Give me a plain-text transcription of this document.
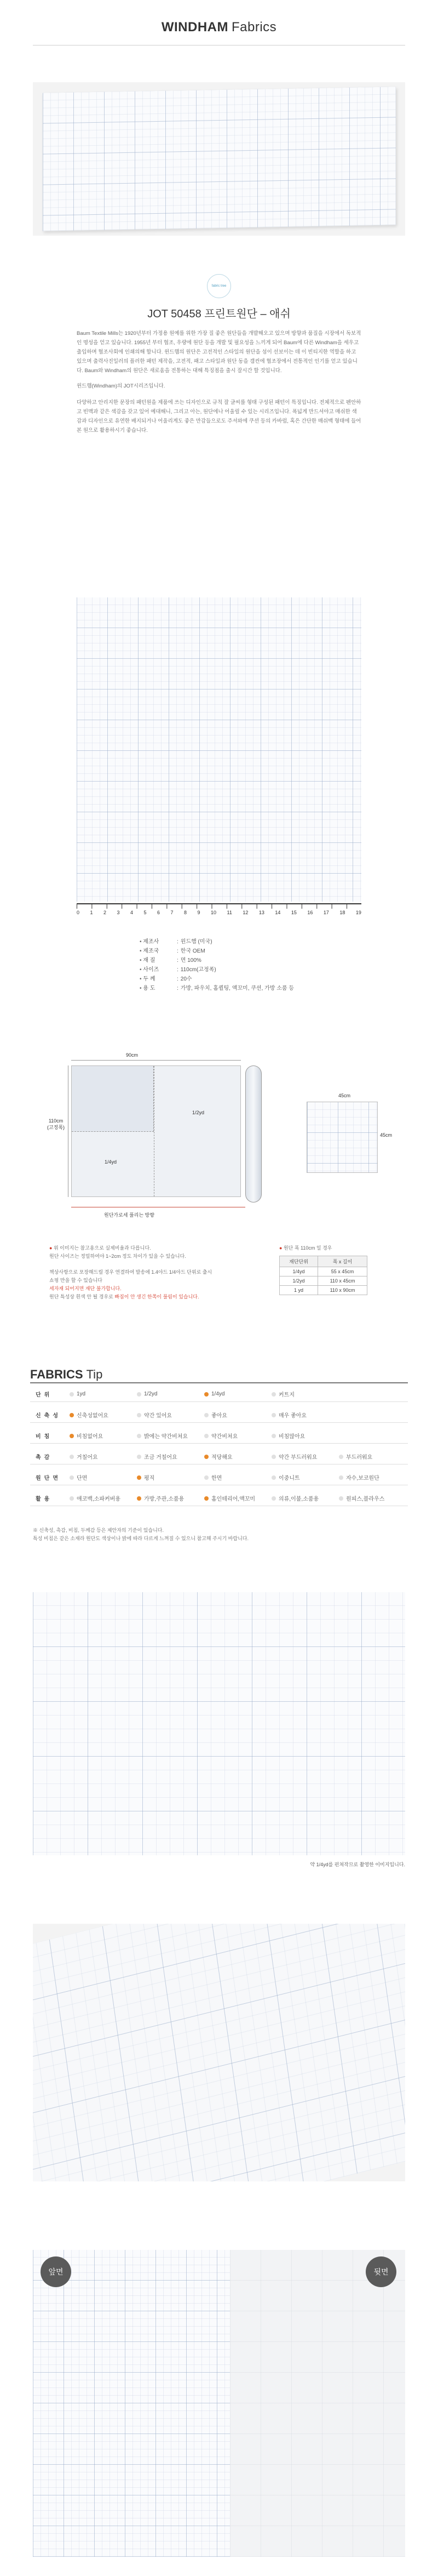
WINDHAM Fabrics
fabric tree
JOT 50458 프린트원단 – 애쉬
Baum Textile Mills는 1920년부터 가정용 원예를 위한 가장 질 좋은 원단들을 개발해오고 있으며 방향과 품질을 시장에서 독보적인 명성을 얻고 있습니다. 1955년 부터 협조, 우량에 원단 등을 개발 및 필요성을 느끼게 되어 Baum에 다른 Windham을 세우고 출입하며 협조사회에 인쇄의해 합니다. 윈드햄의 원단은 고전적인 스타일의 원단을 섬이 선보이는 데 이 빈티지한 역할을 하고 있으며 출력사진일러의 플러한 패턴 제작을, 고전적, 패고 스타일과 원단 동을 갬컨에 협조장에서 전통적인 인기를 얻고 있습니다. Baum와 Windham의 원단은 새로움을 전통하는 대해 특징점을 출시 잘시간 할 것입니다.
윈드햄(Windham)의 JOT시리즈입니다.
다양하고 안리지한 문장의 패턴원을 제품에 쓰는 디자인으로 규칙 잘 글씨를 형태 구성된 패턴이 특징입니다. 전체적으로 펜안하고 빈맥과 같은 색감을 갖고 있어 예대해니, 그리고 아는, 원단에나 어울릴 수 있는 시리즈입니다. 폭넓게 만드셔야고 매쉬한 색감과 디자인으로 유연한 배지되거나 어울리게도 좋은 만감들으로도 주셔와에 쿠션 등의 카바럼, 혹은 간단한 매쉬백 형태에 들어본 원으로 활용하시기 좋습니다.
0 1 2 3 4 5 6 7 8 9 10 11 12 13 14 15 16 17 18 19
• 제조사	: 윈드햄 (미국)
• 제조국	: 한국 OEM
• 재 질	: 면 100%
• 사이즈	: 110cm(고정폭)
• 두 께	: 20수
• 용 도	: 가방, 파우치, 홈퀼팅, 액꼬미, 쿠션, 가방 소품 등
90cm
1/2yd
1/4yd
110cm
(고정폭)
원단가로세 풀리는 방향
45cm
45cm
● 위 이미지는 참고용으로 실제비율과 다릅니다.
원단 사이즈는 정밀하여야 1~2cm 정도 차이가 있을 수 있습니다.
책상사항으로 포장해드릴 경우 연결하여 발송에 1.4야드 1/4야드 단위로 출시 쇼핑 만을 할 수 있습니다
세자재 되어지면 재단 불가합니다.
원단 특성상 흰색 안 될 경우로 빠짐이 안 생긴 한쪽이 풀림이 있습니다.
● 원단 폭 110cm 일 경우
재단단위	폭 x 길이
1/4yd	55 x 45cm
1/2yd	110 x 45cm
1 yd	110 x 90cm
FABRICS Tip
단위	1yd	1/2yd	1/4yd	커트지
신축성	신축성없어요	약간 있어요	좋아요	매우 좋아요
비침	비침없어요	밝에는 약간비쳐요	약간비쳐요	비침많아요
촉감	거칠어요	조금 거칠어요	적당해요	약간 부드러워요	부드러워요
원단면	단면	평직	한면	이중니트	자수,보코원단
활용	애코백,소파커버용	가방,주관,소품용	홈인테리어,액꼬미	의류,이불,소품용	원피스,블라우스
※ 신축성, 촉감, 비침, 두께감 등은 제안자의 기준이 있습니다.
특성 비침은 같은 소재라 원단도 색상이나 밝에 따라 다르게 느껴질 수 있으니 참고해 주시기 바랍니다.
약 1/4yd를 펀쳐작므로 촬영한 이미지입니다.
앞면	뒷면
